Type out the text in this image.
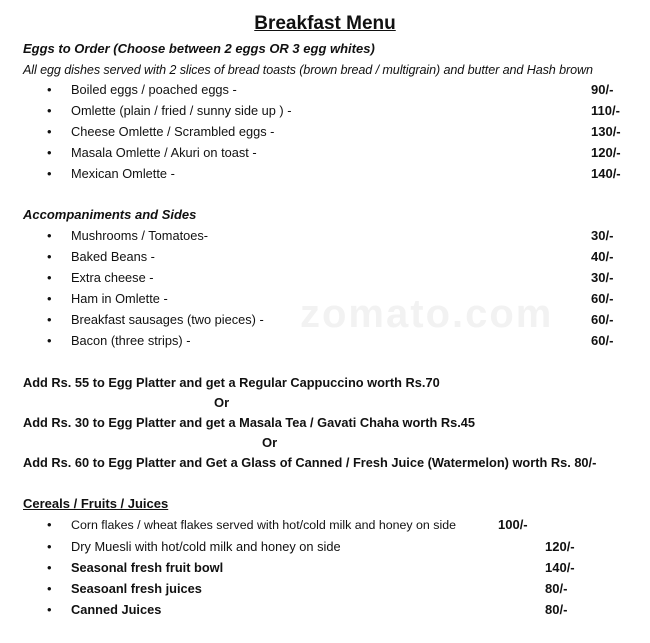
zomato.com
Breakfast Menu
Eggs to Order (Choose between 2 eggs OR 3 egg whites)
All egg dishes served with 2 slices of bread toasts (brown bread / multigrain) and butter and Hash brown
• Boiled eggs / poached eggs -	90/-
• Omlette (plain / fried / sunny side up ) -	110/-
• Cheese Omlette / Scrambled eggs -	130/-
• Masala Omlette / Akuri on toast -	120/-
• Mexican Omlette -	140/-
Accompaniments and Sides
• Mushrooms / Tomatoes-	30/-
• Baked Beans -	40/-
• Extra cheese -	30/-
• Ham in Omlette -	60/-
• Breakfast sausages (two pieces) -	60/-
• Bacon (three strips) -	60/-
Add Rs. 55 to Egg Platter and get a Regular Cappuccino worth Rs.70
Or
Add Rs. 30 to Egg Platter and get a Masala Tea / Gavati Chaha worth Rs.45
Or
Add Rs. 60 to Egg Platter and Get a Glass of Canned / Fresh Juice (Watermelon) worth Rs. 80/-
Cereals / Fruits / Juices
• Corn flakes / wheat flakes served with hot/cold milk and honey on side	100/-
• Dry Muesli with hot/cold milk and honey on side	120/-
• Seasonal fresh fruit bowl	140/-
• Seasoanl fresh juices	80/-
• Canned Juices	80/-
